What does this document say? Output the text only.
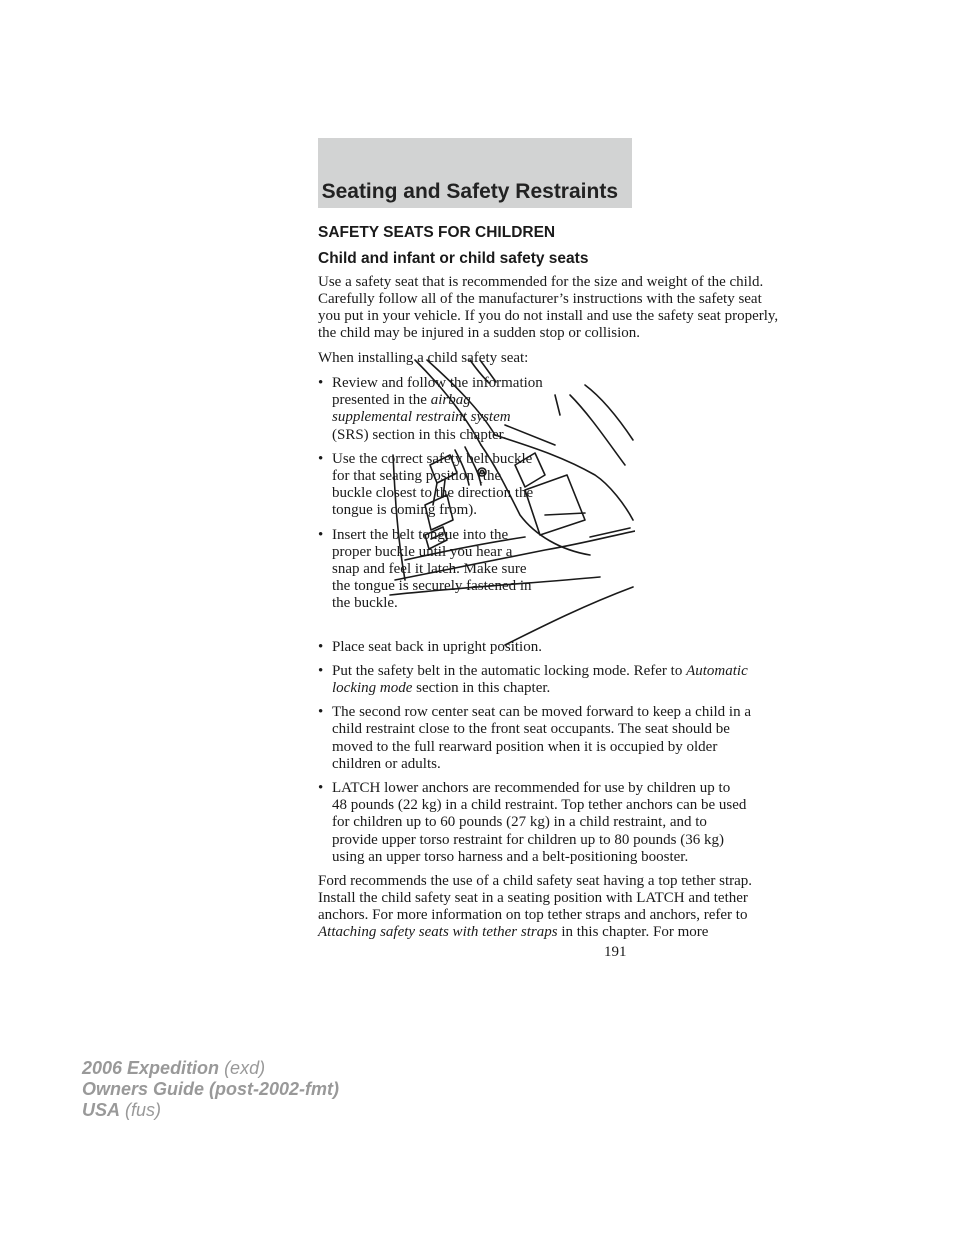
Seating and Safety Restraints
SAFETY SEATS FOR CHILDREN
Child and infant or child safety seats
Use a safety seat that is recommended for the size and weight of the child.
Carefully follow all of the manufacturer’s instructions with the safety seat
you put in your vehicle. If you do not install and use the safety seat properly,
the child may be injured in a sudden stop or collision.
When installing a child safety seat:
• Review and follow the information
presented in the airbag
supplemental restraint system
(SRS) section in this chapter.
• Use the correct safety belt buckle
for that seating position (the
buckle closest to the direction the
tongue is coming from).
• Insert the belt tongue into the
proper buckle until you hear a
snap and feel it latch. Make sure
the tongue is securely fastened in
the buckle.
• Place seat back in upright position.
• Put the safety belt in the automatic locking mode. Refer to Automatic
locking mode section in this chapter.
• The second row center seat can be moved forward to keep a child in a
child restraint close to the front seat occupants. The seat should be
moved to the full rearward position when it is occupied by older
children or adults.
• LATCH lower anchors are recommended for use by children up to
48 pounds (22 kg) in a child restraint. Top tether anchors can be used
for children up to 60 pounds (27 kg) in a child restraint, and to
provide upper torso restraint for children up to 80 pounds (36 kg)
using an upper torso harness and a belt-positioning booster.
Ford recommends the use of a child safety seat having a top tether strap.
Install the child safety seat in a seating position with LATCH and tether
anchors. For more information on top tether straps and anchors, refer to
Attaching safety seats with tether straps in this chapter. For more
191
2006 Expedition (exd)
Owners Guide (post-2002-fmt)
USA (fus)
